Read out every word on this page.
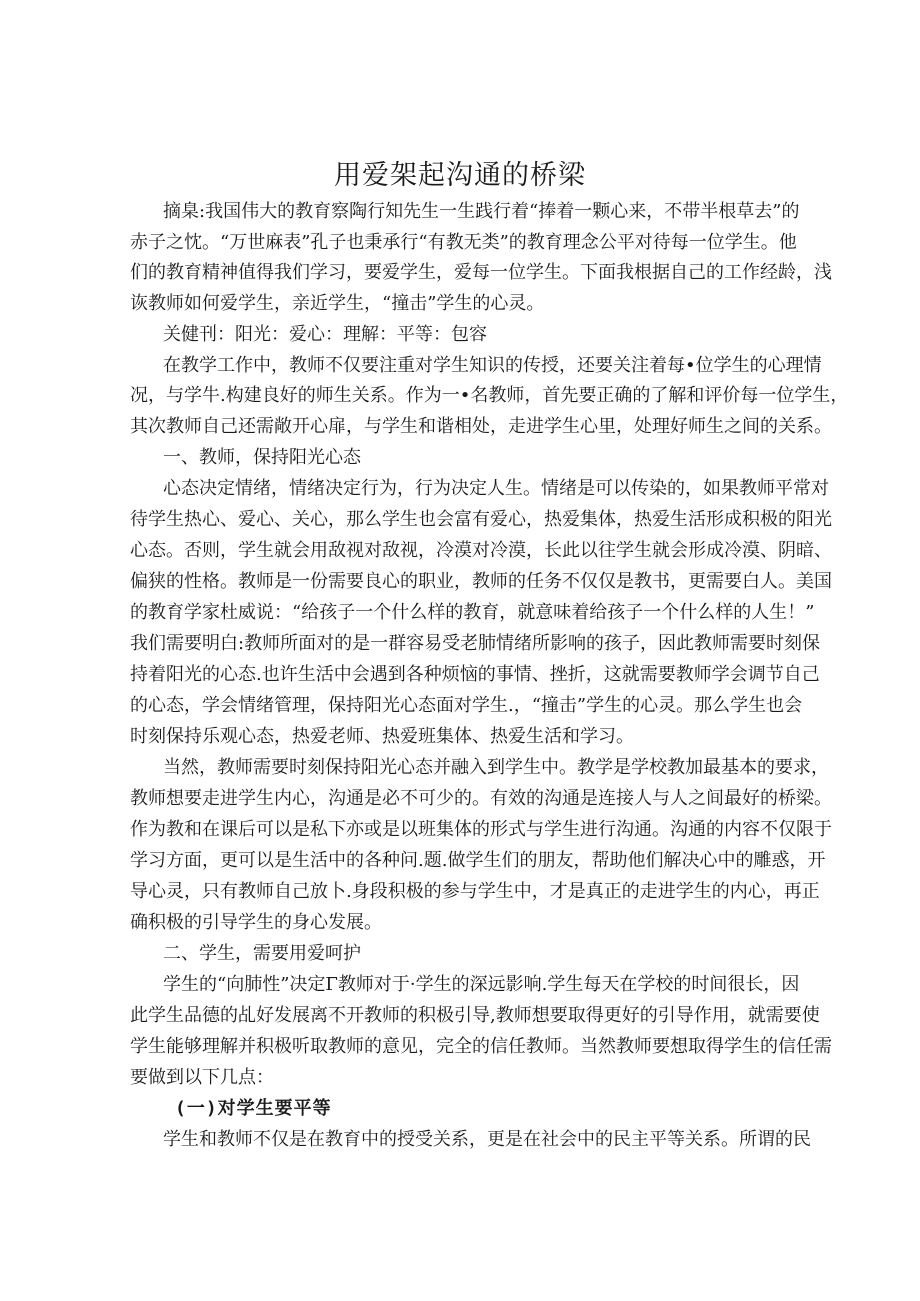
用爱架起沟通的桥梁
摘臬:我国伟大的教育察陶行知先生一生践行着“捧着一颗心来，不带半根草去”的
赤子之忱。“万世麻表”孔子也秉承行“有教无类”的教育理念公平对待每一位学生。他
们的教育精神值得我们学习，要爱学生，爱每一位学生。下面我根据自己的工作经龄，浅
诙教师如何爱学生，亲近学生，“撞击”学生的心灵。
关健刊：阳光：爱心：理解：平等：包容
在教学工作中，教师不仅要注重对学生知识的传授，还要关注着每•位学生的心理情
况，与学牛.构建良好的师生关系。作为一•名教师，首先要正确的了解和评价每一位学生，
其次教师自己还需敞开心扉，与学生和谐相处，走进学生心里，处理好师生之间的关系。
一、教师，保持阳光心态
心态决定情绪，情绪决定行为，行为决定人生。情绪是可以传染的，如果教师平常对
待学生热心、爱心、关心，那么学生也会富有爱心，热爱集体，热爱生活形成积极的阳光
心态。否则，学生就会用敌视对敌视，冷漠对冷漠，长此以往学生就会形成冷漠、阴暗、
偏狭的性格。教师是一份需要良心的职业，教师的任务不仅仅是教书，更需要白人。美国
的教育学家杜威说：“给孩子一个什么样的教育，就意味着给孩子一个什么样的人生！”
我们需要明白:教师所面对的是一群容易受老肺情绪所影响的孩子，因此教师需要时刻保
持着阳光的心态.也许生活中会遇到各种烦恼的事情、挫折，这就需要教师学会调节自己
的心态，学会情绪管理，保持阳光心态面对学生.，“撞击”学生的心灵。那么学生也会
时刻保持乐观心态，热爱老师、热爱班集体、热爱生活和学习。
当然，教师需要时刻保持阳光心态并融入到学生中。教学是学校教加最基本的要求，
教师想要走进学生内心，沟通是必不可少的。有效的沟通是连接人与人之间最好的桥梁。
作为教和在课后可以是私下亦或是以班集体的形式与学生进行沟通。沟通的内容不仅限于
学习方面，更可以是生活中的各种问.题.做学生们的朋友，帮助他们解决心中的雕惑，开
导心灵，只有教师自己放卜.身段积极的参与学生中，才是真正的走进学生的内心，再正
确积极的引导学生的身心发展。
二、学生，需要用爱呵护
学生的“向肺性”决定Γ教师对于·学生的深远影响.学生每天在学校的时间很长，因
此学生品德的乩好发展离不开教师的积极引导,教师想要取得更好的引导作用，就需要使
学生能够理解并积极听取教师的意见，完全的信任教师。当然教师要想取得学生的信任需
要做到以下几点：
(一)对学生要平等
学生和教师不仅是在教育中的授受关系，更是在社会中的民主平等关系。所谓的民
